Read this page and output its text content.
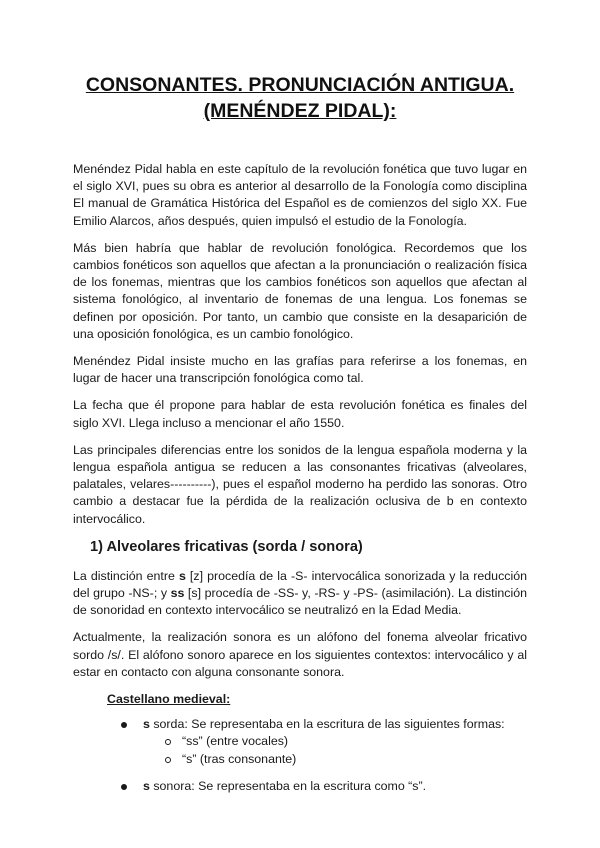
CONSONANTES. PRONUNCIACIÓN ANTIGUA.
(MENÉNDEZ PIDAL):

Menéndez Pidal habla en este capítulo de la revolución fonética que tuvo lugar en el siglo XVI, pues su obra es anterior al desarrollo de la Fonología como disciplina El manual de Gramática Histórica del Español es de comienzos del siglo XX. Fue Emilio Alarcos, años después, quien impulsó el estudio de la Fonología.

Más bien habría que hablar de revolución fonológica. Recordemos que los cambios fonéticos son aquellos que afectan a la pronunciación o realización física de los fonemas, mientras que los cambios fonéticos son aquellos que afectan al sistema fonológico, al inventario de fonemas de una lengua. Los fonemas se definen por oposición. Por tanto, un cambio que consiste en la desaparición de una oposición fonológica, es un cambio fonológico.

Menéndez Pidal insiste mucho en las grafías para referirse a los fonemas, en lugar de hacer una transcripción fonológica como tal.

La fecha que él propone para hablar de esta revolución fonética es finales del siglo XVI. Llega incluso a mencionar el año 1550.

Las principales diferencias entre los sonidos de la lengua española moderna y la lengua española antigua se reducen a las consonantes fricativas (alveolares, palatales, velares----------), pues el español moderno ha perdido las sonoras. Otro cambio a destacar fue la pérdida de la realización oclusiva de b en contexto intervocálico.

1) Alveolares fricativas (sorda / sonora)

La distinción entre s [z] procedía de la -S- intervocálica sonorizada y la reducción del grupo -NS-; y ss [s] procedía de -SS- y, -RS- y -PS- (asimilación). La distinción de sonoridad en contexto intervocálico se neutralizó en la Edad Media.

Actualmente, la realización sonora es un alófono del fonema alveolar fricativo sordo /s/. El alófono sonoro aparece en los siguientes contextos: intervocálico y al estar en contacto con alguna consonante sonora.

Castellano medieval:
s sorda: Se representaba en la escritura de las siguientes formas:
“ss” (entre vocales)
“s” (tras consonante)
s sonora: Se representaba en la escritura como “s”.
